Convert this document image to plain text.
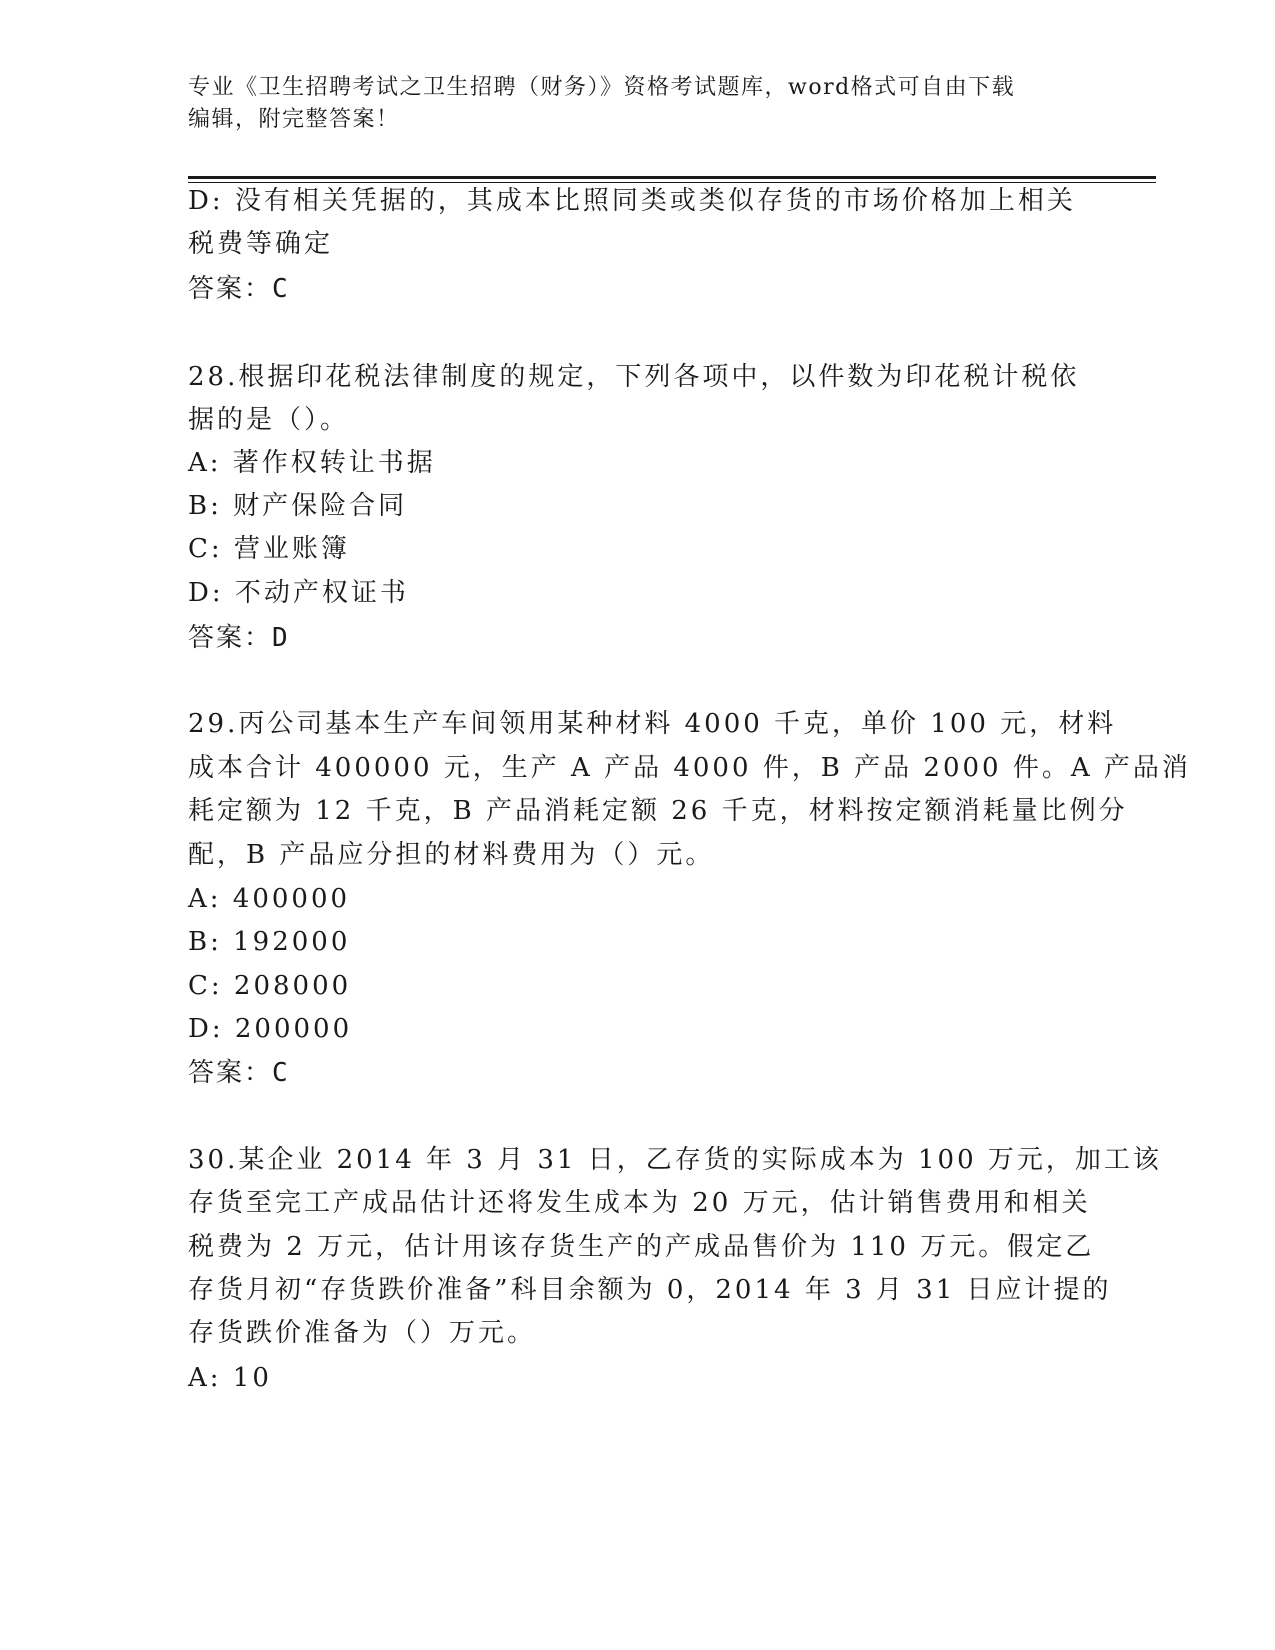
专业《卫生招聘考试之卫生招聘（财务）》资格考试题库，word格式可自由下载
编辑，附完整答案！
D: 没有相关凭据的，其成本比照同类或类似存货的市场价格加上相关
税费等确定
答案：C
28.根据印花税法律制度的规定，下列各项中，以件数为印花税计税依
据的是（）。
A: 著作权转让书据
B: 财产保险合同
C: 营业账簿
D: 不动产权证书
答案：D
29.丙公司基本生产车间领用某种材料 4000 千克，单价 100 元，材料
成本合计 400000 元，生产 A 产品 4000 件，B 产品 2000 件。A 产品消
耗定额为 12 千克，B 产品消耗定额 26 千克，材料按定额消耗量比例分
配，B 产品应分担的材料费用为（）元。
A: 400000
B: 192000
C: 208000
D: 200000
答案：C
30.某企业 2014 年 3 月 31 日，乙存货的实际成本为 100 万元，加工该
存货至完工产成品估计还将发生成本为 20 万元，估计销售费用和相关
税费为 2 万元，估计用该存货生产的产成品售价为 110 万元。假定乙
存货月初“存货跌价准备”科目余额为 0，2014 年 3 月 31 日应计提的
存货跌价准备为（）万元。
A: 10
